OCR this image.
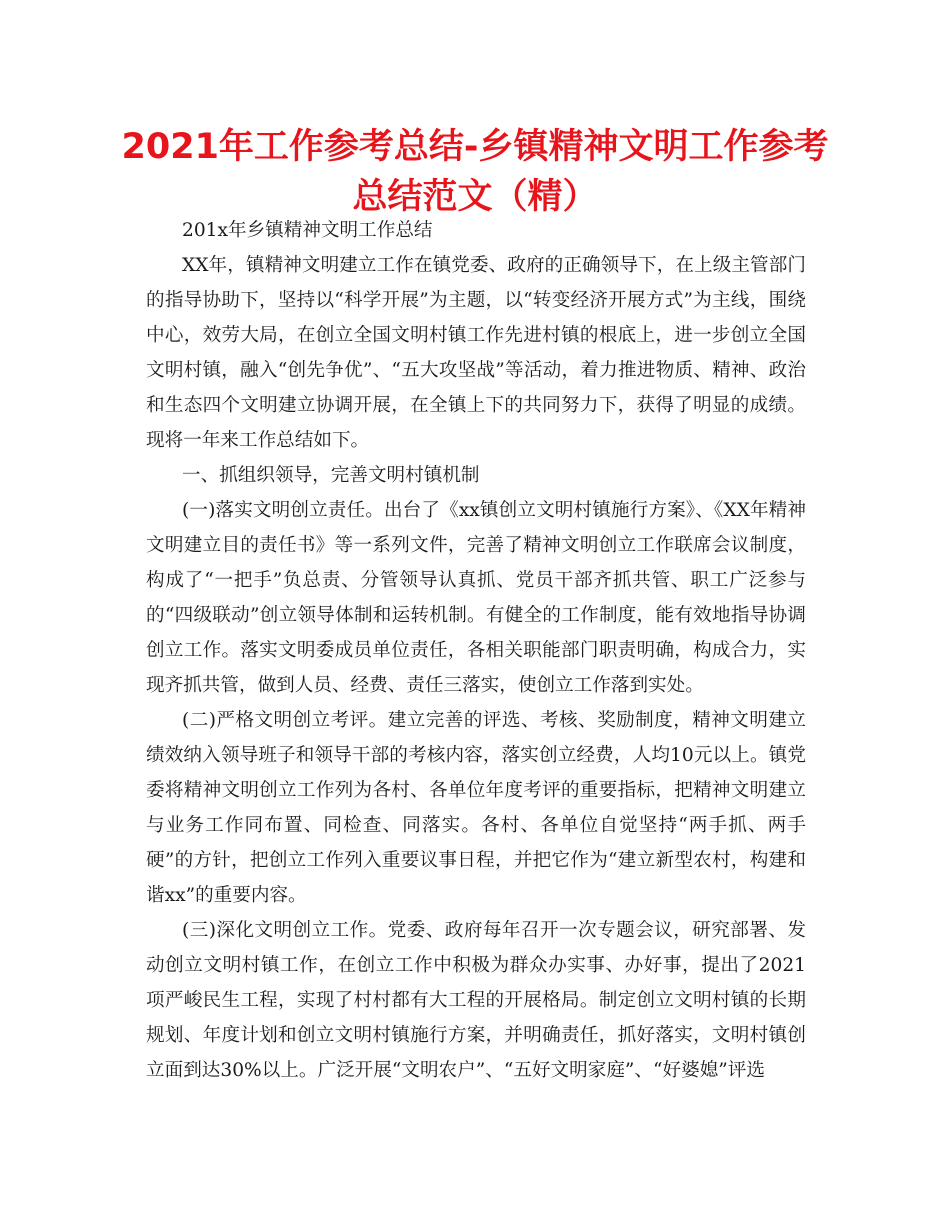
2021年工作参考总结-乡镇精神文明工作参考总结范文（精）

201x年乡镇精神文明工作总结

XX年，镇精神文明建立工作在镇党委、政府的正确领导下，在上级主管部门的指导协助下，坚持以“科学开展”为主题，以“转变经济开展方式”为主线，围绕中心，效劳大局，在创立全国文明村镇工作先进村镇的根底上，进一步创立全国文明村镇，融入“创先争优”、“五大攻坚战”等活动，着力推进物质、精神、政治和生态四个文明建立协调开展，在全镇上下的共同努力下，获得了明显的成绩。现将一年来工作总结如下。

一、抓组织领导，完善文明村镇机制

(一)落实文明创立责任。出台了《xx镇创立文明村镇施行方案》、《XX年精神文明建立目的责任书》等一系列文件，完善了精神文明创立工作联席会议制度，构成了“一把手”负总责、分管领导认真抓、党员干部齐抓共管、职工广泛参与的“四级联动”创立领导体制和运转机制。有健全的工作制度，能有效地指导协调创立工作。落实文明委成员单位责任，各相关职能部门职责明确，构成合力，实现齐抓共管，做到人员、经费、责任三落实，使创立工作落到实处。

(二)严格文明创立考评。建立完善的评选、考核、奖励制度，精神文明建立绩效纳入领导班子和领导干部的考核内容，落实创立经费，人均10元以上。镇党委将精神文明创立工作列为各村、各单位年度考评的重要指标，把精神文明建立与业务工作同布置、同检查、同落实。各村、各单位自觉坚持“两手抓、两手硬”的方针，把创立工作列入重要议事日程，并把它作为“建立新型农村，构建和谐xx”的重要内容。

(三)深化文明创立工作。党委、政府每年召开一次专题会议，研究部署、发动创立文明村镇工作，在创立工作中积极为群众办实事、办好事，提出了2021项严峻民生工程，实现了村村都有大工程的开展格局。制定创立文明村镇的长期规划、年度计划和创立文明村镇施行方案，并明确责任，抓好落实，文明村镇创立面到达30%以上。广泛开展“文明农户”、“五好文明家庭”、“好婆媳”评选
